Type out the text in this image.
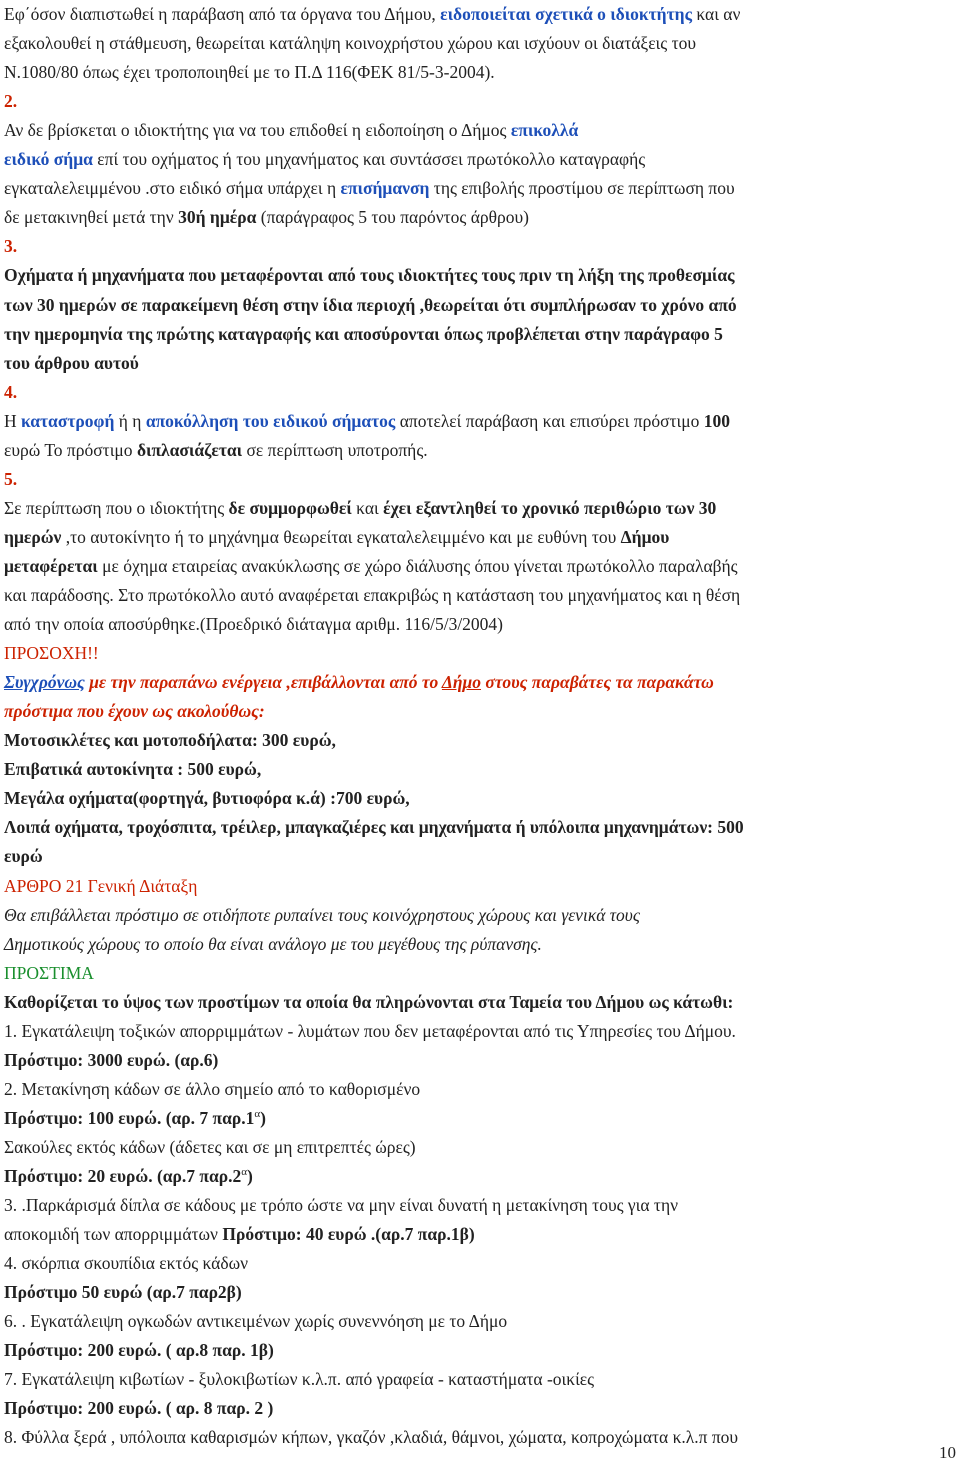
Εφ΄όσον διαπιστωθεί η παράβαση από τα όργανα του Δήμου, ειδοποιείται σχετικά ο ιδιοκτήτης και αν
εξακολουθεί η στάθμευση, θεωρείται κατάληψη κοινοχρήστου χώρου και ισχύουν οι διατάξεις του
Ν.1080/80 όπως έχει τροποποιηθεί με το Π.Δ 116(ΦΕΚ 81/5-3-2004).
2.
Αν δε βρίσκεται ο ιδιοκτήτης για να του επιδοθεί η ειδοποίηση ο Δήμος επικολλά
ειδικό σήμα επί του οχήματος ή του μηχανήματος και συντάσσει πρωτόκολλο καταγραφής
εγκαταλελειμμένου .στο ειδικό σήμα υπάρχει η επισήμανση της επιβολής προστίμου σε περίπτωση που
δε μετακινηθεί μετά την 30ή ημέρα (παράγραφος 5 του παρόντος άρθρου)
3.
Οχήματα ή μηχανήματα που μεταφέρονται από τους ιδιοκτήτες τους πριν τη λήξη της προθεσμίας
των 30 ημερών σε παρακείμενη θέση στην ίδια περιοχή ,θεωρείται ότι συμπλήρωσαν το χρόνο από
την ημερομηνία της πρώτης καταγραφής και αποσύρονται όπως προβλέπεται στην παράγραφο 5
του άρθρου αυτού
4.
Η καταστροφή ή η αποκόλληση του ειδικού σήματος αποτελεί παράβαση και επισύρει πρόστιμο 100
ευρώ Το πρόστιμο διπλασιάζεται σε περίπτωση υποτροπής.
5.
Σε περίπτωση που ο ιδιοκτήτης δε συμμορφωθεί και έχει εξαντληθεί το χρονικό περιθώριο των 30
ημερών ,το αυτοκίνητο ή το μηχάνημα θεωρείται εγκαταλελειμμένο και με ευθύνη του Δήμου
μεταφέρεται με όχημα εταιρείας ανακύκλωσης σε χώρο διάλυσης όπου γίνεται πρωτόκολλο παραλαβής
και παράδοσης. Στο πρωτόκολλο αυτό αναφέρεται επακριβώς η κατάσταση του μηχανήματος και η θέση
από την οποία αποσύρθηκε.(Προεδρικό διάταγμα αριθμ. 116/5/3/2004)
ΠΡΟΣΟΧΗ!!
Συγχρόνως με την παραπάνω ενέργεια ,επιβάλλονται από το Δήμο στους παραβάτες τα παρακάτω
πρόστιμα που έχουν ως ακολούθως:
Μοτοσικλέτες και μοτοποδήλατα: 300 ευρώ,
Επιβατικά αυτοκίνητα : 500 ευρώ,
Μεγάλα οχήματα(φορτηγά, βυτιοφόρα κ.ά) :700 ευρώ,
Λοιπά οχήματα, τροχόσπιτα, τρέιλερ, μπαγκαζιέρες και μηχανήματα ή υπόλοιπα μηχανημάτων: 500
ευρώ
ΑΡΘΡΟ 21 Γενική Διάταξη
Θα επιβάλλεται πρόστιμο σε οτιδήποτε ρυπαίνει τους κοινόχρηστους χώρους και γενικά τους
Δημοτικούς χώρους το οποίο θα είναι ανάλογο με του μεγέθους της ρύπανσης.
ΠΡΟΣΤΙΜΑ
Καθορίζεται το ύψος των προστίμων τα οποία θα πληρώνονται στα Ταμεία του Δήμου ως κάτωθι:
1. Εγκατάλειψη τοξικών απορριμμάτων - λυμάτων που δεν μεταφέρονται από τις Υπηρεσίες του Δήμου.
Πρόστιμο: 3000 ευρώ. (αρ.6)
2. Μετακίνηση κάδων σε άλλο σημείο από το καθορισμένο
Πρόστιμο: 100 ευρώ. (αρ. 7 $\pi\alpha\rho.1^\alpha$)
Σακούλες εκτός κάδων (άδετες και σε μη επιτρεπτές ώρες)
Πρόστιμο: 20 ευρώ. (αρ.7 $\pi\alpha\rho.2^\alpha$)
3. .Παρκάρισμά δίπλα σε κάδους με τρόπο ώστε να μην είναι δυνατή η μετακίνηση τους για την
αποκομιδή των απορριμμάτων Πρόστιμο: 40 ευρώ .(αρ.7 παρ.1β)
4. σκόρπια σκουπίδια εκτός κάδων
Πρόστιμο 50 ευρώ (αρ.7 παρ2β)
6. . Εγκατάλειψη ογκωδών αντικειμένων χωρίς συνεννόηση με το Δήμο
Πρόστιμο: 200 ευρώ. ( αρ.8 παρ. 1β)
7. Εγκατάλειψη κιβωτίων - ξυλοκιβωτίων κ.λ.π. από γραφεία - καταστήματα -οικίες
Πρόστιμο: 200 ευρώ. ( αρ. 8 παρ. 2 )
8. Φύλλα ξερά , υπόλοιπα καθαρισμών κήπων, γκαζόν ,κλαδιά, θάμνοι, χώματα, κοπροχώματα κ.λ.π που
10
